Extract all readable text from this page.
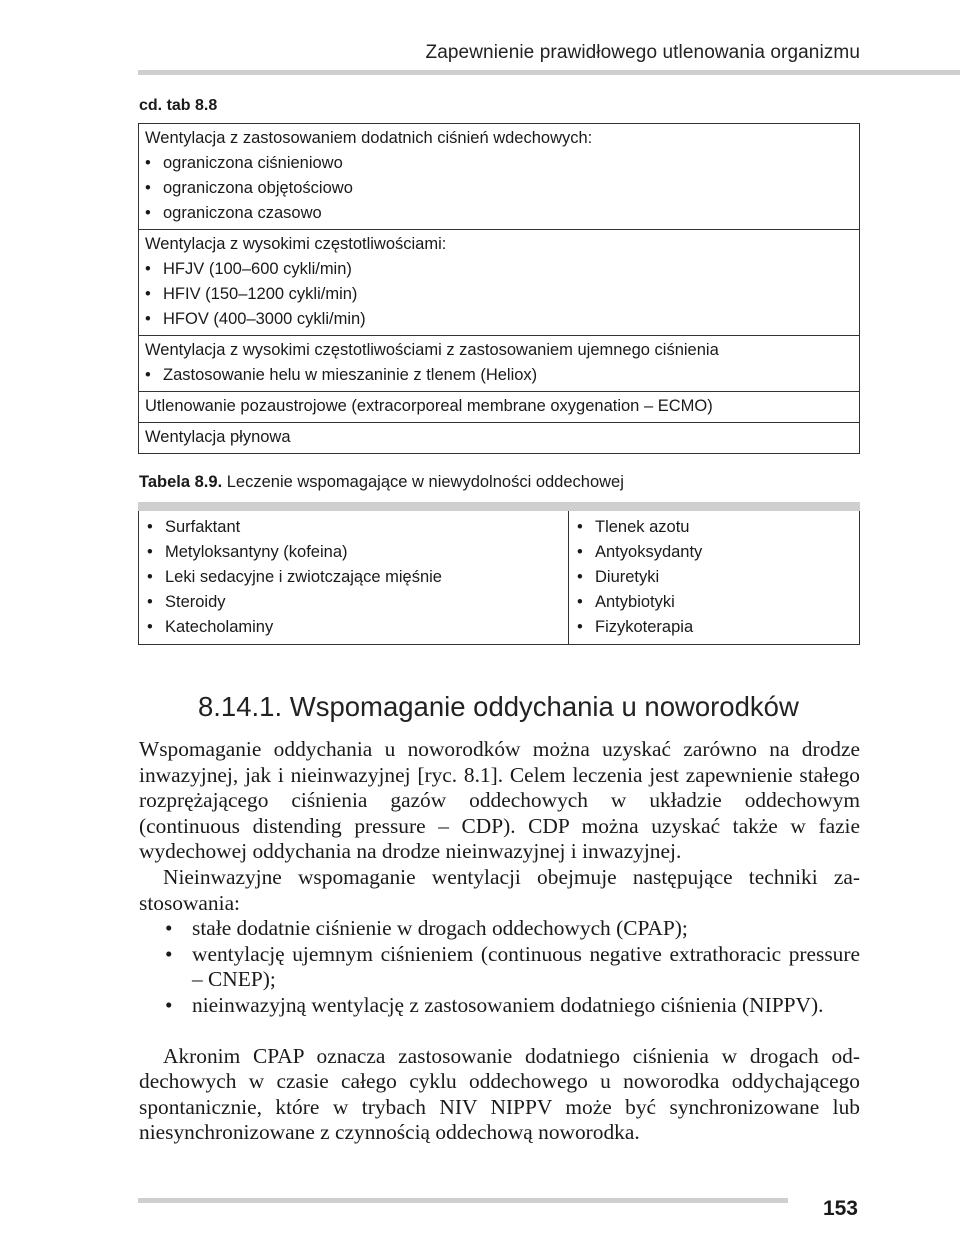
Zapewnienie prawidłowego utlenowania organizmu
cd. tab 8.8
Wentylacja z zastosowaniem dodatnich ciśnień wdechowych:
• ograniczona ciśnieniowo
• ograniczona objętościowo
• ograniczona czasowo

Wentylacja z wysokimi częstotliwościami:
• HFJV (100–600 cykli/min)
• HFIV (150–1200 cykli/min)
• HFOV (400–3000 cykli/min)

Wentylacja z wysokimi częstotliwościami z zastosowaniem ujemnego ciśnienia
• Zastosowanie helu w mieszaninie z tlenem (Heliox)

Utlenowanie pozaustrojowe (extracorporeal membrane oxygenation – ECMO)

Wentylacja płynowa
Tabela 8.9. Leczenie wspomagające w niewydolności oddechowej
• Surfaktant
• Metyloksantyny (kofeina)
• Leki sedacyjne i zwiotczające mięśnie
• Steroidy
• Katecholaminy

• Tlenek azotu
• Antyoksydanty
• Diuretyki
• Antybiotyki
• Fizykoterapia
8.14.1. Wspomaganie oddychania u noworodków

Wspomaganie oddychania u noworodków można uzyskać zarówno na drodze inwazyjnej, jak i nieinwazyjnej [ryc. 8.1]. Celem leczenia jest zapewnienie stałego rozprężającego ciśnienia gazów oddechowych w układzie oddechowym (continuous distending pressure – CDP). CDP można uzyskać także w fazie wydechowej oddychania na drodze nieinwazyjnej i inwazyjnej.

Nieinwazyjne wspomaganie wentylacji obejmuje następujące techniki zastosowania:

• stałe dodatnie ciśnienie w drogach oddechowych (CPAP);
• wentylację ujemnym ciśnieniem (continuous negative extrathoracic pressure – CNEP);
• nieinwazyjną wentylację z zastosowaniem dodatniego ciśnienia (NIPPV).

Akronim CPAP oznacza zastosowanie dodatniego ciśnienia w drogach oddechowych w czasie całego cyklu oddechowego u noworodka oddychającego spontanicznie, które w trybach NIV NIPPV może być synchronizowane lub niesynchronizowane z czynnością oddechową noworodka.

153
